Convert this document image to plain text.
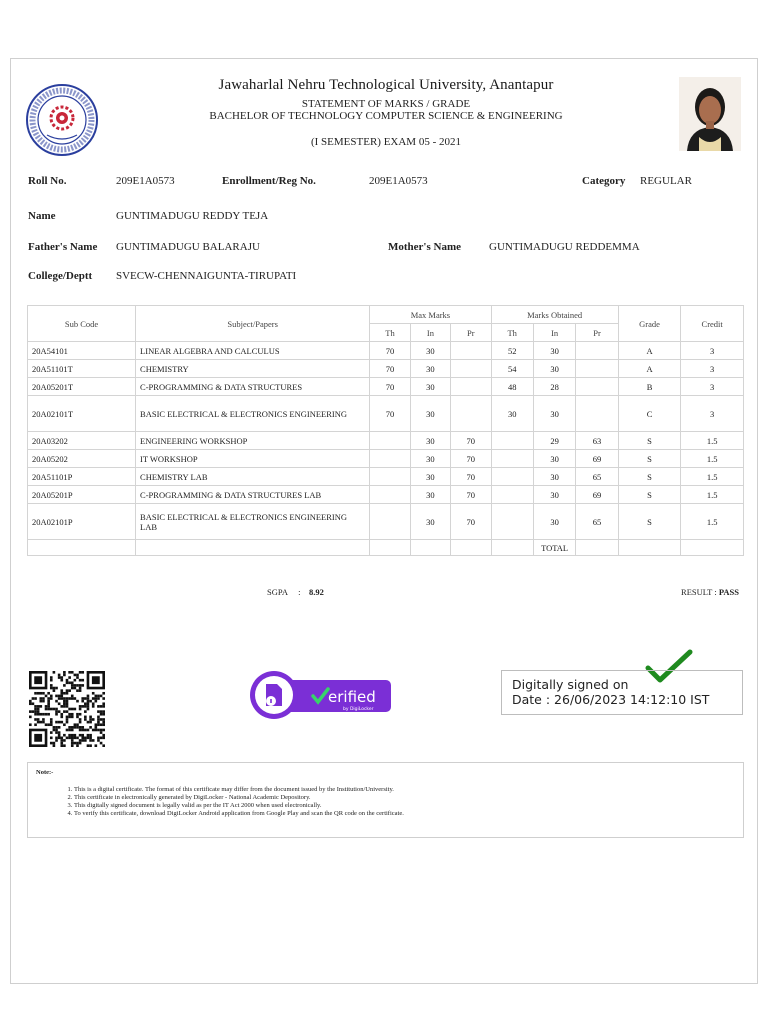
Jawaharlal Nehru Technological University, Anantapur
STATEMENT OF MARKS / GRADE
BACHELOR OF TECHNOLOGY COMPUTER SCIENCE & ENGINEERING
(I SEMESTER) EXAM 05 - 2021
Roll No.	209E1A0573	Enrollment/Reg No.	209E1A0573	Category REGULAR
Name	GUNTIMADUGU REDDY TEJA
Father's Name GUNTIMADUGU BALARAJU	Mother's Name	GUNTIMADUGU REDDEMMA
College/Deptt SVECW-CHENNAIGUNTA-TIRUPATI
Sub Code	Subject/Papers	Max Marks			Marks Obtained			Grade	Credit
		Th	In	Pr	Th	In	Pr		
20A54101	LINEAR ALGEBRA AND CALCULUS	70	30		52	30		A	3
20A51101T	CHEMISTRY	70	30		54	30		A	3
20A05201T	C-PROGRAMMING & DATA STRUCTURES	70	30		48	28		B	3
20A02101T	BASIC ELECTRICAL & ELECTRONICS ENGINEERING	70	30		30	30		C	3
20A03202	ENGINEERING WORKSHOP		30	70		29	63	S	1.5
20A05202	IT WORKSHOP		30	70		30	69	S	1.5
20A51101P	CHEMISTRY LAB		30	70		30	65	S	1.5
20A05201P	C-PROGRAMMING & DATA STRUCTURES LAB		30	70		30	69	S	1.5
20A02101P	BASIC ELECTRICAL & ELECTRONICS ENGINEERING LAB		30	70		30	65	S	1.5
						TOTAL			
SGPA : 8.92	RESULT : PASS
erified
by DigiLocker
Digitally signed on
Date : 26/06/2023 14:12:10 IST
Note:-
1. This is a digital certificate. The format of this certificate may differ from the document issued by the Institution/University.
2. This certificate in electronically generated by DigiLocker - National Academic Depository.
3. This digitally signed document is legally valid as per the IT Act 2000 when used electronically.
4. To verify this certificate, download DigiLocker Android application from Google Play and scan the QR code on the certificate.
